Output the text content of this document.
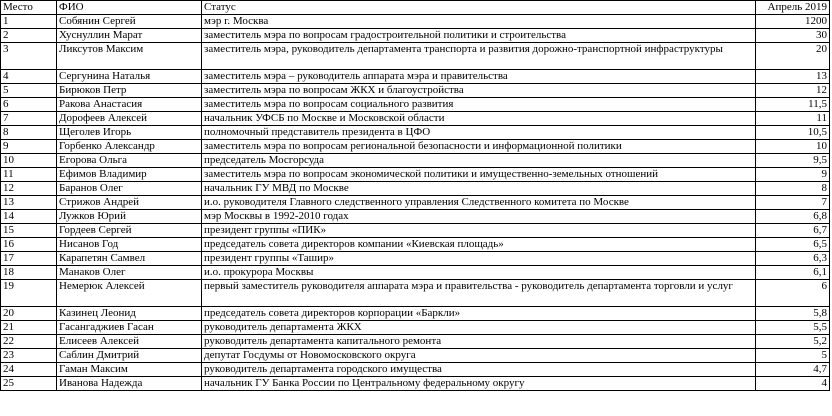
Место	ФИО	Статус	Апрель 2019
1	Собянин Сергей	мэр г. Москва	1200
2	Хуснуллин Марат	заместитель мэра по вопросам градостроительной политики и строительства	30
3	Ликсутов Максим	заместитель мэра, руководитель департамента транспорта и развития дорожно-транспортной инфраструктуры	20
4	Сергунина Наталья	заместитель мэра – руководитель аппарата мэра и правительства	13
5	Бирюков Петр	заместитель мэра по вопросам ЖКХ и благоустройства	12
6	Ракова Анастасия	заместитель мэра по вопросам социального развития	11,5
7	Дорофеев Алексей	начальник УФСБ по Москве и Московской области	11
8	Щеголев Игорь	полномочный представитель президента в ЦФО	10,5
9	Горбенко Александр	заместитель мэра по вопросам региональной безопасности и информационной политики	10
10	Егорова Ольга	председатель Мосгорсуда	9,5
11	Ефимов Владимир	заместитель мэра по вопросам экономической политики и имущественно-земельных отношений	9
12	Баранов Олег	начальник ГУ МВД по Москве	8
13	Стрижов Андрей	и.о. руководителя Главного следственного управления Следственного комитета по Москве	7
14	Лужков Юрий	мэр Москвы в 1992-2010 годах	6,8
15	Гордеев Сергей	президент группы «ПИК»	6,7
16	Нисанов Год	председатель совета директоров компании «Киевская площадь»	6,5
17	Карапетян Самвел	президент группы «Ташир»	6,3
18	Манаков Олег	и.о. прокурора Москвы	6,1
19	Немерюк Алексей	первый заместитель руководителя аппарата мэра и правительства - руководитель департамента торговли и услуг	6
20	Казинец Леонид	председатель совета директоров корпорации «Баркли»	5,8
21	Гасангаджиев Гасан	руководитель департамента ЖКХ	5,5
22	Елисеев Алексей	руководитель департамента капитального ремонта	5,2
23	Саблин Дмитрий	депутат Госдумы от Новомосковского округа	5
24	Гаман Максим	руководитель департамента городского имущества	4,7
25	Иванова Надежда	начальник ГУ Банка России по Центральному федеральному округу	4
